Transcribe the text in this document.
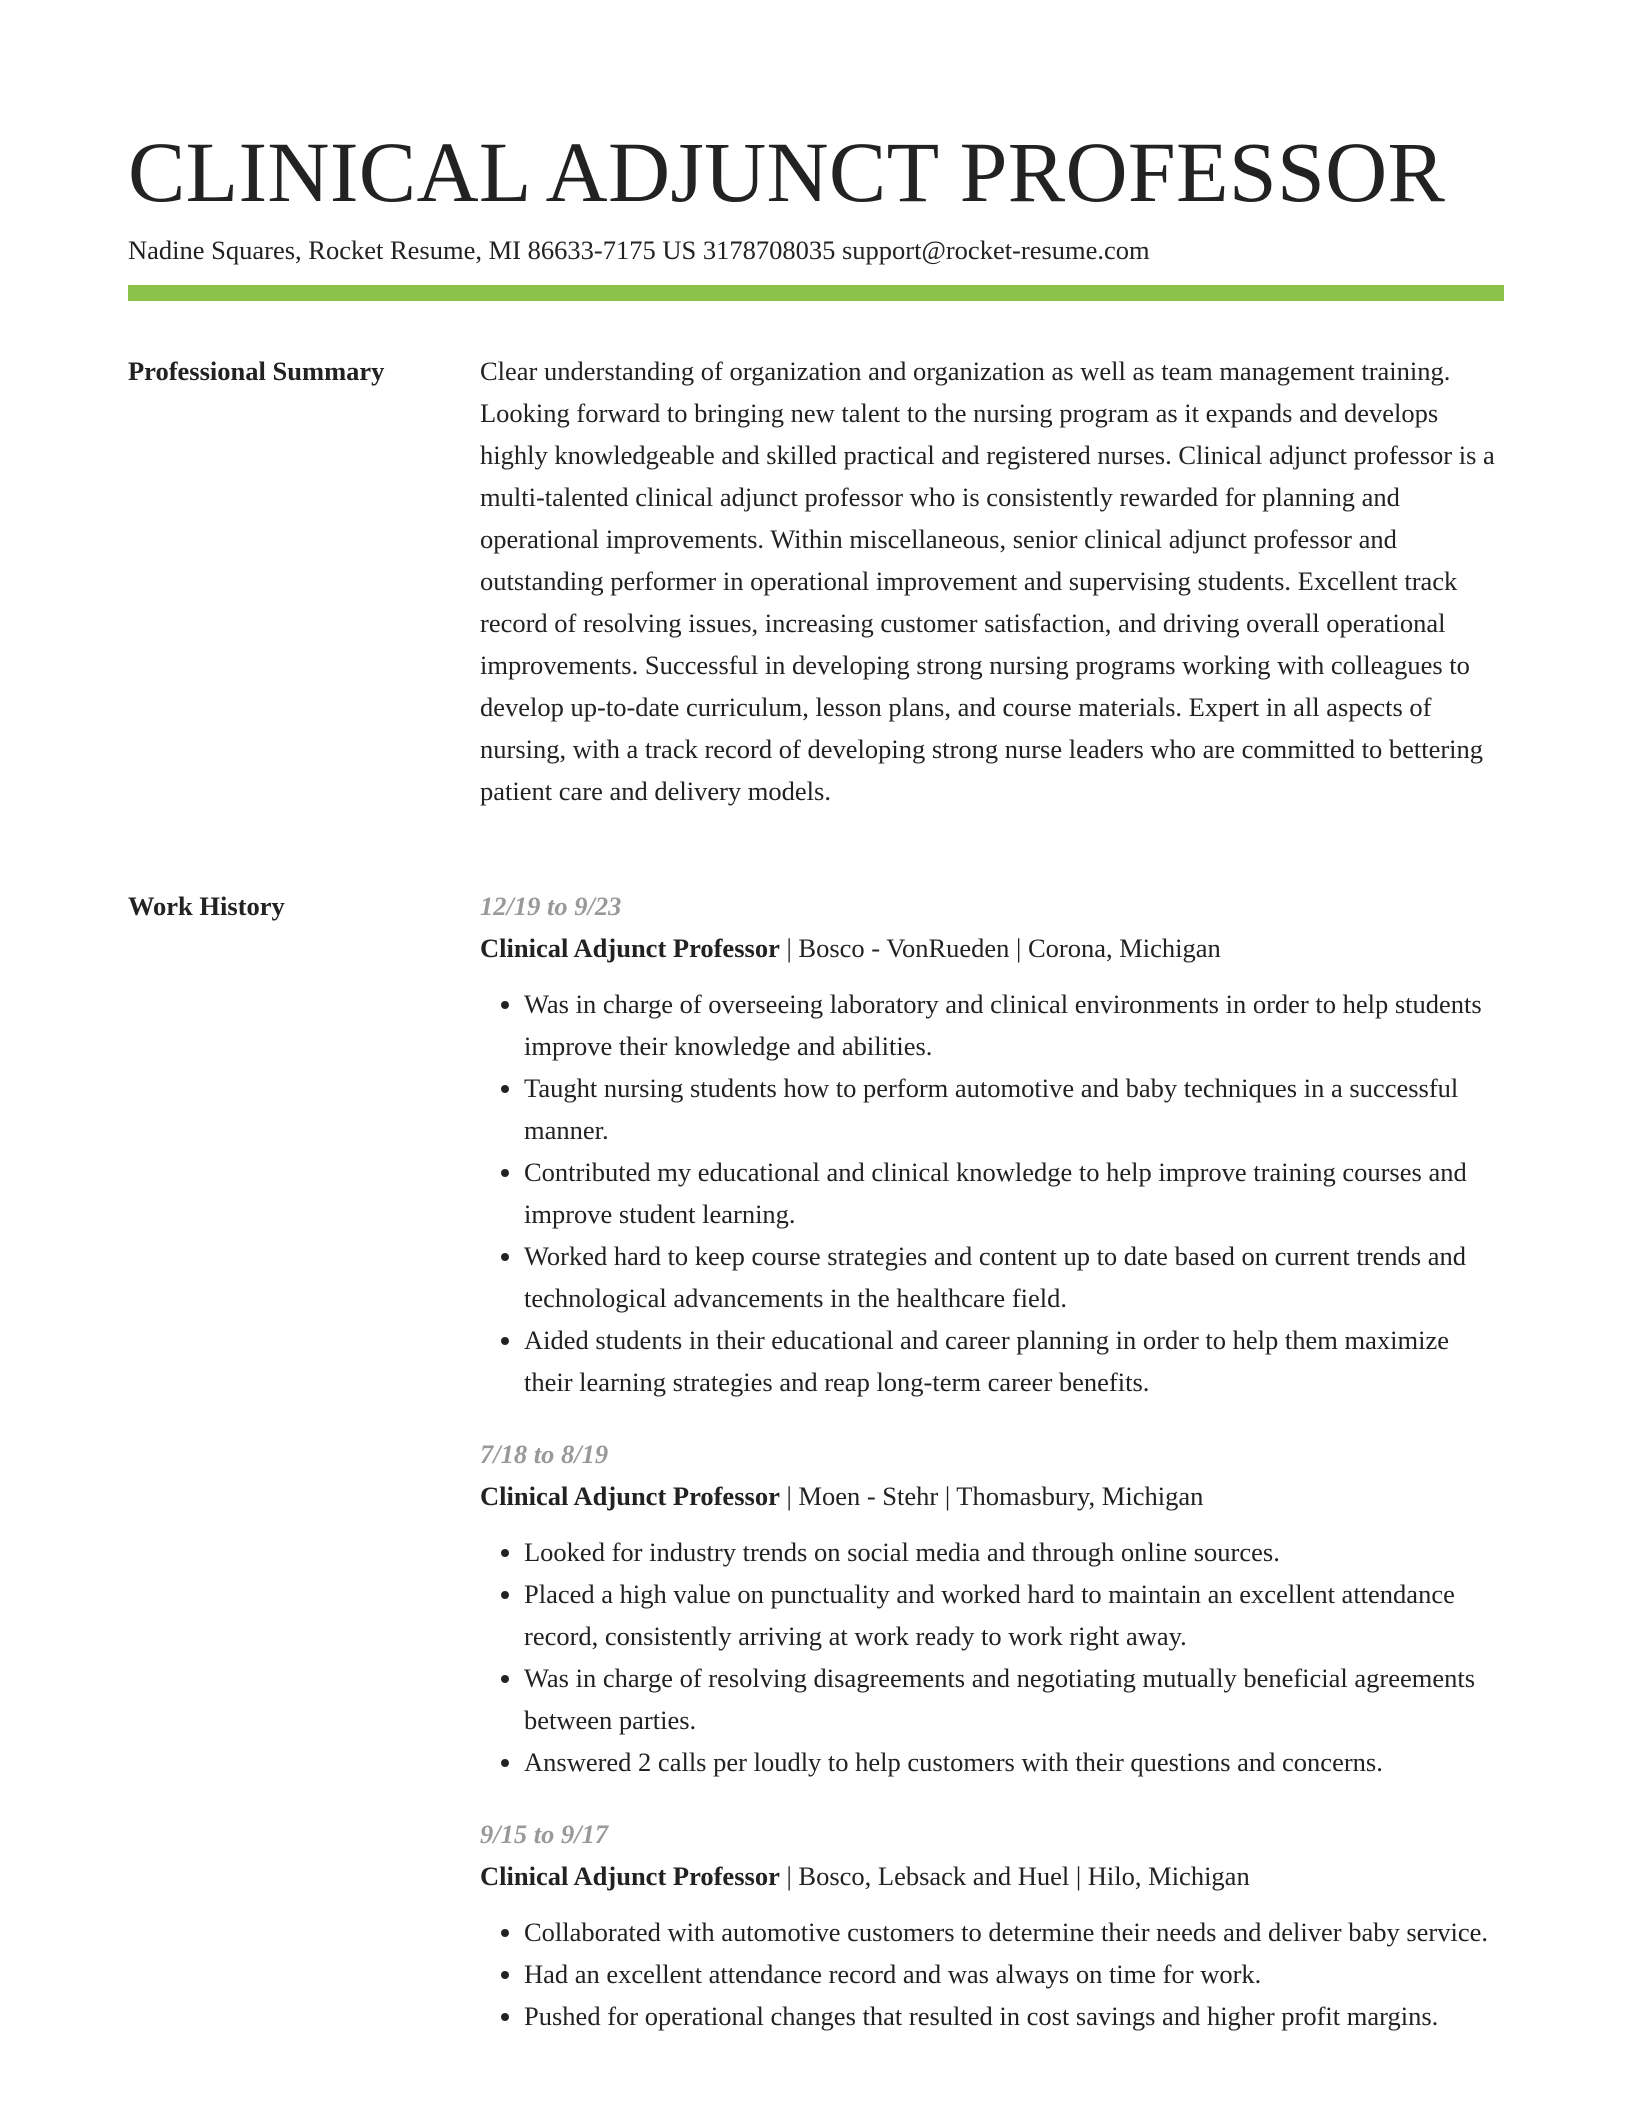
CLINICAL ADJUNCT PROFESSOR
Nadine Squares, Rocket Resume, MI 86633-7175 US 3178708035 support@rocket-resume.com
Professional Summary	Clear understanding of organization and organization as well as team management training. Looking forward to bringing new talent to the nursing program as it expands and develops highly knowledgeable and skilled practical and registered nurses. Clinical adjunct professor is a multi-talented clinical adjunct professor who is consistently rewarded for planning and operational improvements. Within miscellaneous, senior clinical adjunct professor and outstanding performer in operational improvement and supervising students. Excellent track record of resolving issues, increasing customer satisfaction, and driving overall operational improvements. Successful in developing strong nursing programs working with colleagues to develop up-to-date curriculum, lesson plans, and course materials. Expert in all aspects of nursing, with a track record of developing strong nurse leaders who are committed to bettering patient care and delivery models.

Work History	12/19 to 9/23
Clinical Adjunct Professor | Bosco - VonRueden | Corona, Michigan
• Was in charge of overseeing laboratory and clinical environments in order to help students improve their knowledge and abilities.
• Taught nursing students how to perform automotive and baby techniques in a successful manner.
• Contributed my educational and clinical knowledge to help improve training courses and improve student learning.
• Worked hard to keep course strategies and content up to date based on current trends and technological advancements in the healthcare field.
• Aided students in their educational and career planning in order to help them maximize their learning strategies and reap long-term career benefits.
7/18 to 8/19
Clinical Adjunct Professor | Moen - Stehr | Thomasbury, Michigan
• Looked for industry trends on social media and through online sources.
• Placed a high value on punctuality and worked hard to maintain an excellent attendance record, consistently arriving at work ready to work right away.
• Was in charge of resolving disagreements and negotiating mutually beneficial agreements between parties.
• Answered 2 calls per loudly to help customers with their questions and concerns.
9/15 to 9/17
Clinical Adjunct Professor | Bosco, Lebsack and Huel | Hilo, Michigan
• Collaborated with automotive customers to determine their needs and deliver baby service.
• Had an excellent attendance record and was always on time for work.
• Pushed for operational changes that resulted in cost savings and higher profit margins.
